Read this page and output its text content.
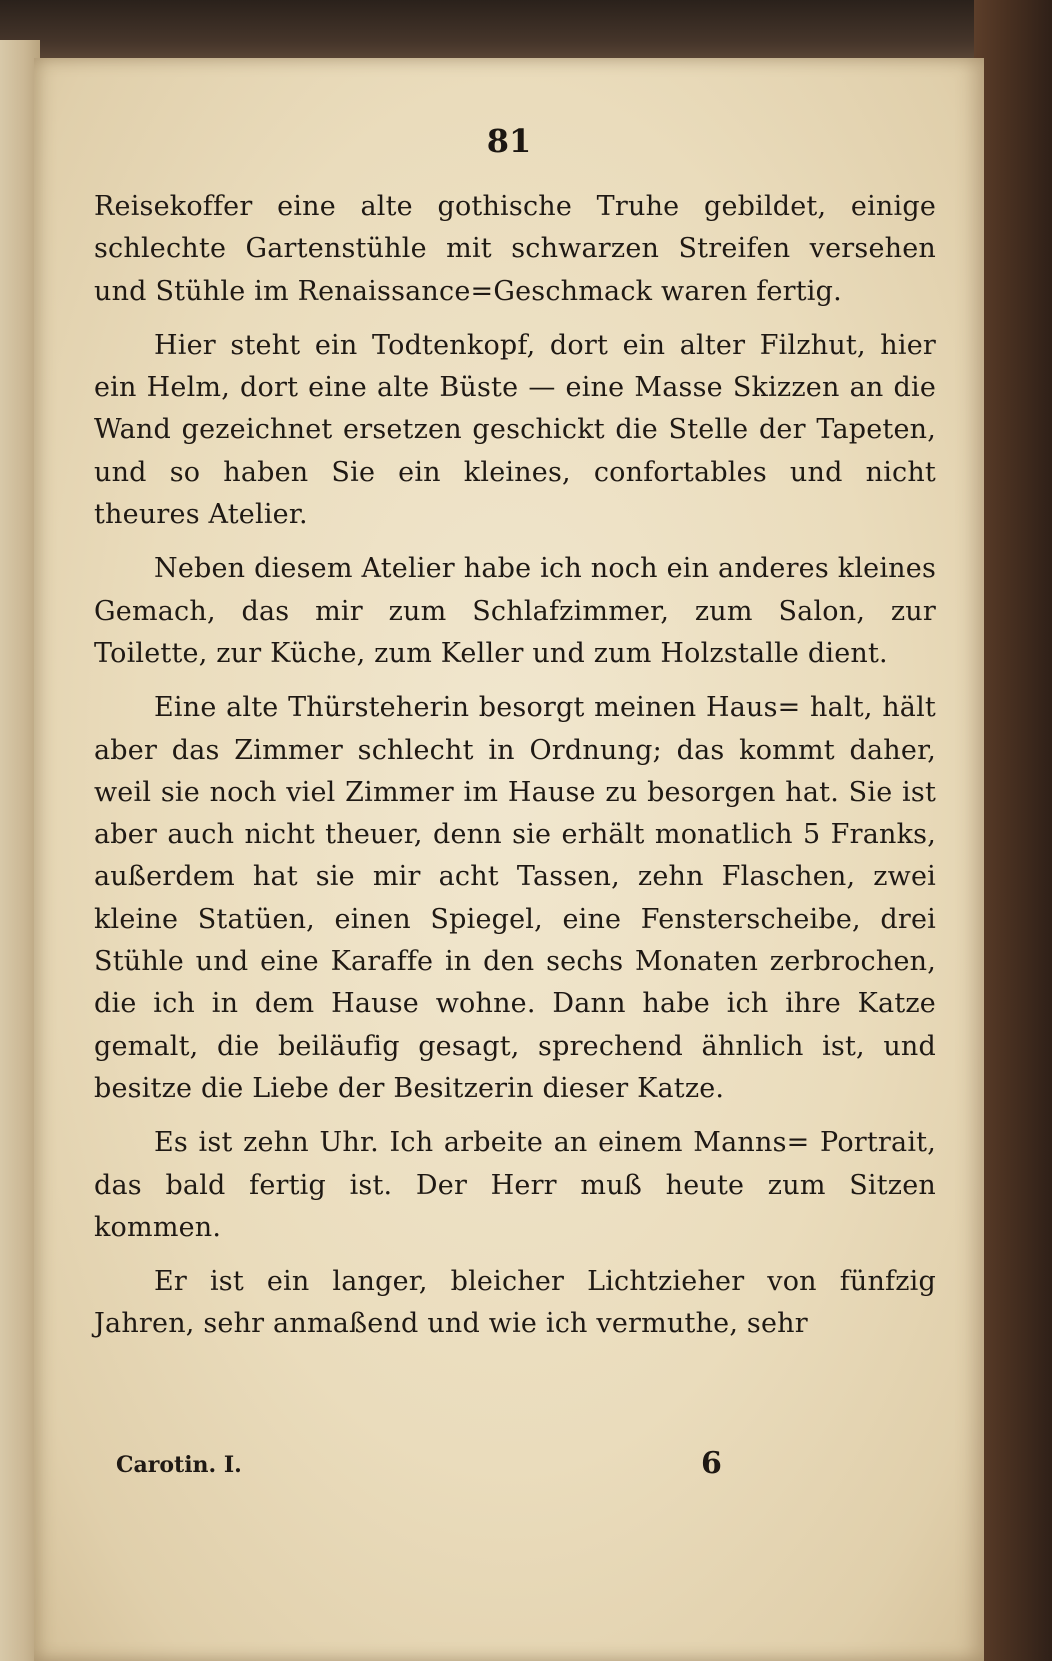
81

Reisekoffer eine alte gothische Truhe gebildet, einige schlechte Gartenstühle mit schwarzen Streifen versehen und Stühle im Renaissance=Geschmack waren fertig.

Hier steht ein Todtenkopf, dort ein alter Filzhut, hier ein Helm, dort eine alte Büste — eine Masse Skizzen an die Wand gezeichnet ersetzen geschickt die Stelle der Tapeten, und so haben Sie ein kleines, confortables und nicht theures Atelier.

Neben diesem Atelier habe ich noch ein anderes kleines Gemach, das mir zum Schlafzimmer, zum Salon, zur Toilette, zur Küche, zum Keller und zum Holzstalle dient.

Eine alte Thürsteherin besorgt meinen Haus= halt, hält aber das Zimmer schlecht in Ordnung; das kommt daher, weil sie noch viel Zimmer im Hause zu besorgen hat. Sie ist aber auch nicht theuer, denn sie erhält monatlich 5 Franks, außerdem hat sie mir acht Tassen, zehn Flaschen, zwei kleine Statüen, einen Spiegel, eine Fensterscheibe, drei Stühle und eine Karaffe in den sechs Monaten zerbrochen, die ich in dem Hause wohne. Dann habe ich ihre Katze gemalt, die beiläufig gesagt, sprechend ähnlich ist, und besitze die Liebe der Besitzerin dieser Katze.

Es ist zehn Uhr. Ich arbeite an einem Manns= Portrait, das bald fertig ist. Der Herr muß heute zum Sitzen kommen.

Er ist ein langer, bleicher Lichtzieher von fünfzig Jahren, sehr anmaßend und wie ich vermuthe, sehr

Carotin. I.	6
